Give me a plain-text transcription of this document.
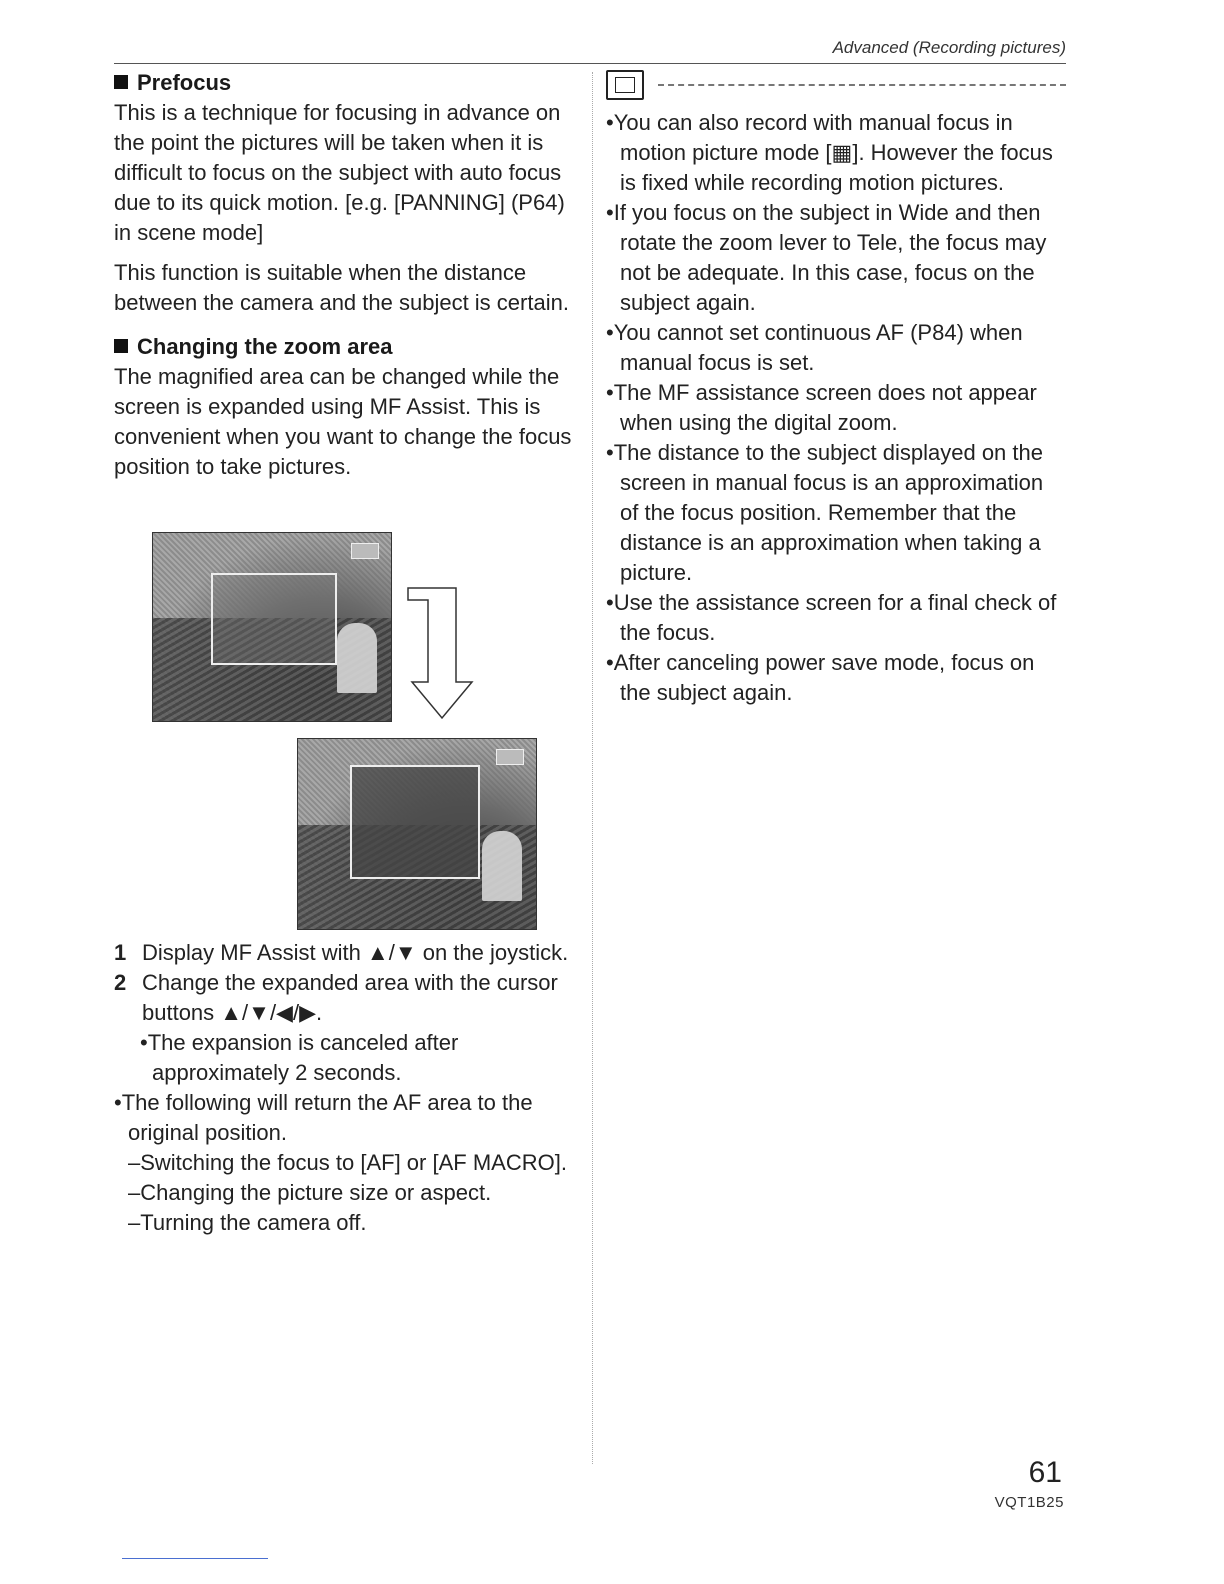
Advanced (Recording pictures)
Prefocus

This is a technique for focusing in advance on the point the pictures will be taken when it is difficult to focus on the subject with auto focus due to its quick motion. [e.g. [PANNING] (P64) in scene mode]

This function is suitable when the distance between the camera and the subject is certain.

Changing the zoom area

The magnified area can be changed while the screen is expanded using MF Assist. This is convenient when you want to change the focus position to take pictures.

1 Display MF Assist with ▲/▼ on the joystick.
2 Change the expanded area with the cursor buttons ▲/▼/◀/▶.
•The expansion is canceled after approximately 2 seconds.
•The following will return the AF area to the original position.
–Switching the focus to [AF] or [AF MACRO].
–Changing the picture size or aspect.
–Turning the camera off.
•You can also record with manual focus in motion picture mode [▦]. However the focus is fixed while recording motion pictures.
•If you focus on the subject in Wide and then rotate the zoom lever to Tele, the focus may not be adequate. In this case, focus on the subject again.
•You cannot set continuous AF (P84) when manual focus is set.
•The MF assistance screen does not appear when using the digital zoom.
•The distance to the subject displayed on the screen in manual focus is an approximation of the focus position. Remember that the distance is an approximation when taking a picture.
•Use the assistance screen for a final check of the focus.
•After canceling power save mode, focus on the subject again.
61
VQT1B25
